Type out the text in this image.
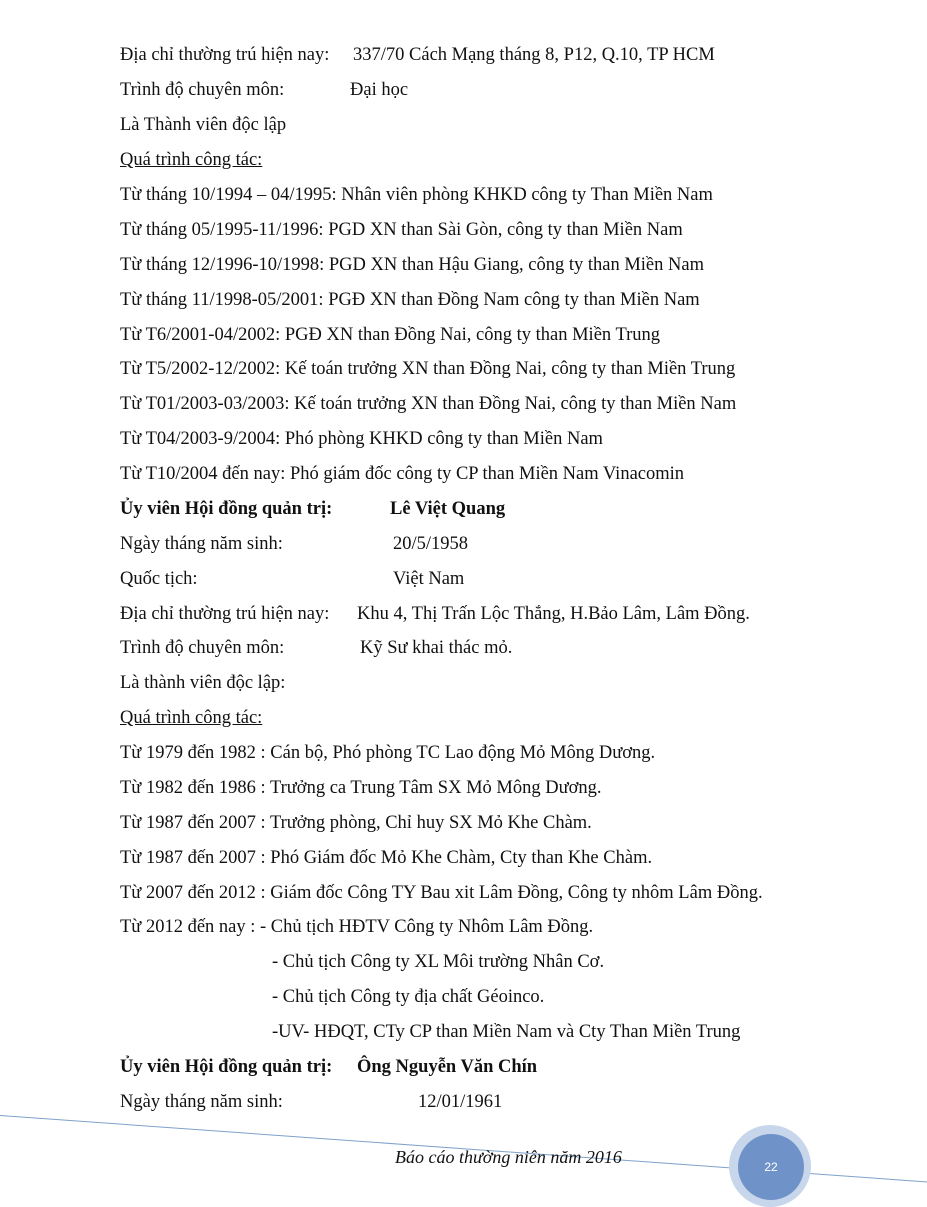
Địa chỉ thường trú hiện nay: 337/70 Cách Mạng tháng 8, P12, Q.10, TP HCM
Trình độ chuyên môn:	Đại học
Là Thành viên độc lập
Quá trình công tác:
Từ tháng 10/1994 – 04/1995: Nhân viên phòng KHKD công ty Than Miền Nam
Từ tháng 05/1995-11/1996: PGD XN than Sài Gòn, công ty than Miền Nam
Từ tháng 12/1996-10/1998: PGD XN than Hậu Giang, công ty than Miền Nam
Từ tháng 11/1998-05/2001: PGĐ XN than Đồng Nam công ty than Miền Nam
Từ T6/2001-04/2002: PGĐ XN than Đồng Nai, công ty than Miền Trung
Từ T5/2002-12/2002: Kế toán trưởng XN than Đồng Nai, công ty than Miền Trung
Từ T01/2003-03/2003: Kế toán trưởng XN than Đồng Nai, công ty than Miền Nam
Từ T04/2003-9/2004: Phó phòng KHKD công ty than Miền Nam
Từ T10/2004 đến nay: Phó giám đốc công ty CP than Miền Nam Vinacomin
Ủy viên Hội đồng quản trị:	Lê Việt Quang
Ngày tháng năm sinh:	20/5/1958
Quốc tịch:	Việt Nam
Địa chỉ thường trú hiện nay: Khu 4, Thị Trấn Lộc Thắng, H.Bảo Lâm, Lâm Đồng.
Trình độ chuyên môn:	Kỹ Sư khai thác mỏ.
Là thành viên độc lập:
Quá trình công tác:
Từ 1979 đến 1982 : Cán bộ, Phó phòng TC Lao động Mỏ Mông Dương.
Từ 1982 đến 1986 : Trưởng ca Trung Tâm SX Mỏ Mông Dương.
Từ 1987 đến 2007 : Trưởng phòng, Chỉ huy SX Mỏ Khe Chàm.
Từ 1987 đến 2007 : Phó Giám đốc Mỏ Khe Chàm, Cty than Khe Chàm.
Từ 2007 đến 2012 : Giám đốc Công TY Bau xit Lâm Đồng, Công ty nhôm Lâm Đồng.
Từ 2012 đến nay : - Chủ tịch HĐTV Công ty Nhôm Lâm Đồng.
- Chủ tịch Công ty XL Môi trường Nhân Cơ.
- Chủ tịch Công ty địa chất Géoinco.
-UV- HĐQT, CTy CP than Miền Nam và Cty Than Miền Trung
Ủy viên Hội đồng quản trị: Ông Nguyễn Văn Chín
Ngày tháng năm sinh:	12/01/1961
Báo cáo thường niên năm 2016	22
